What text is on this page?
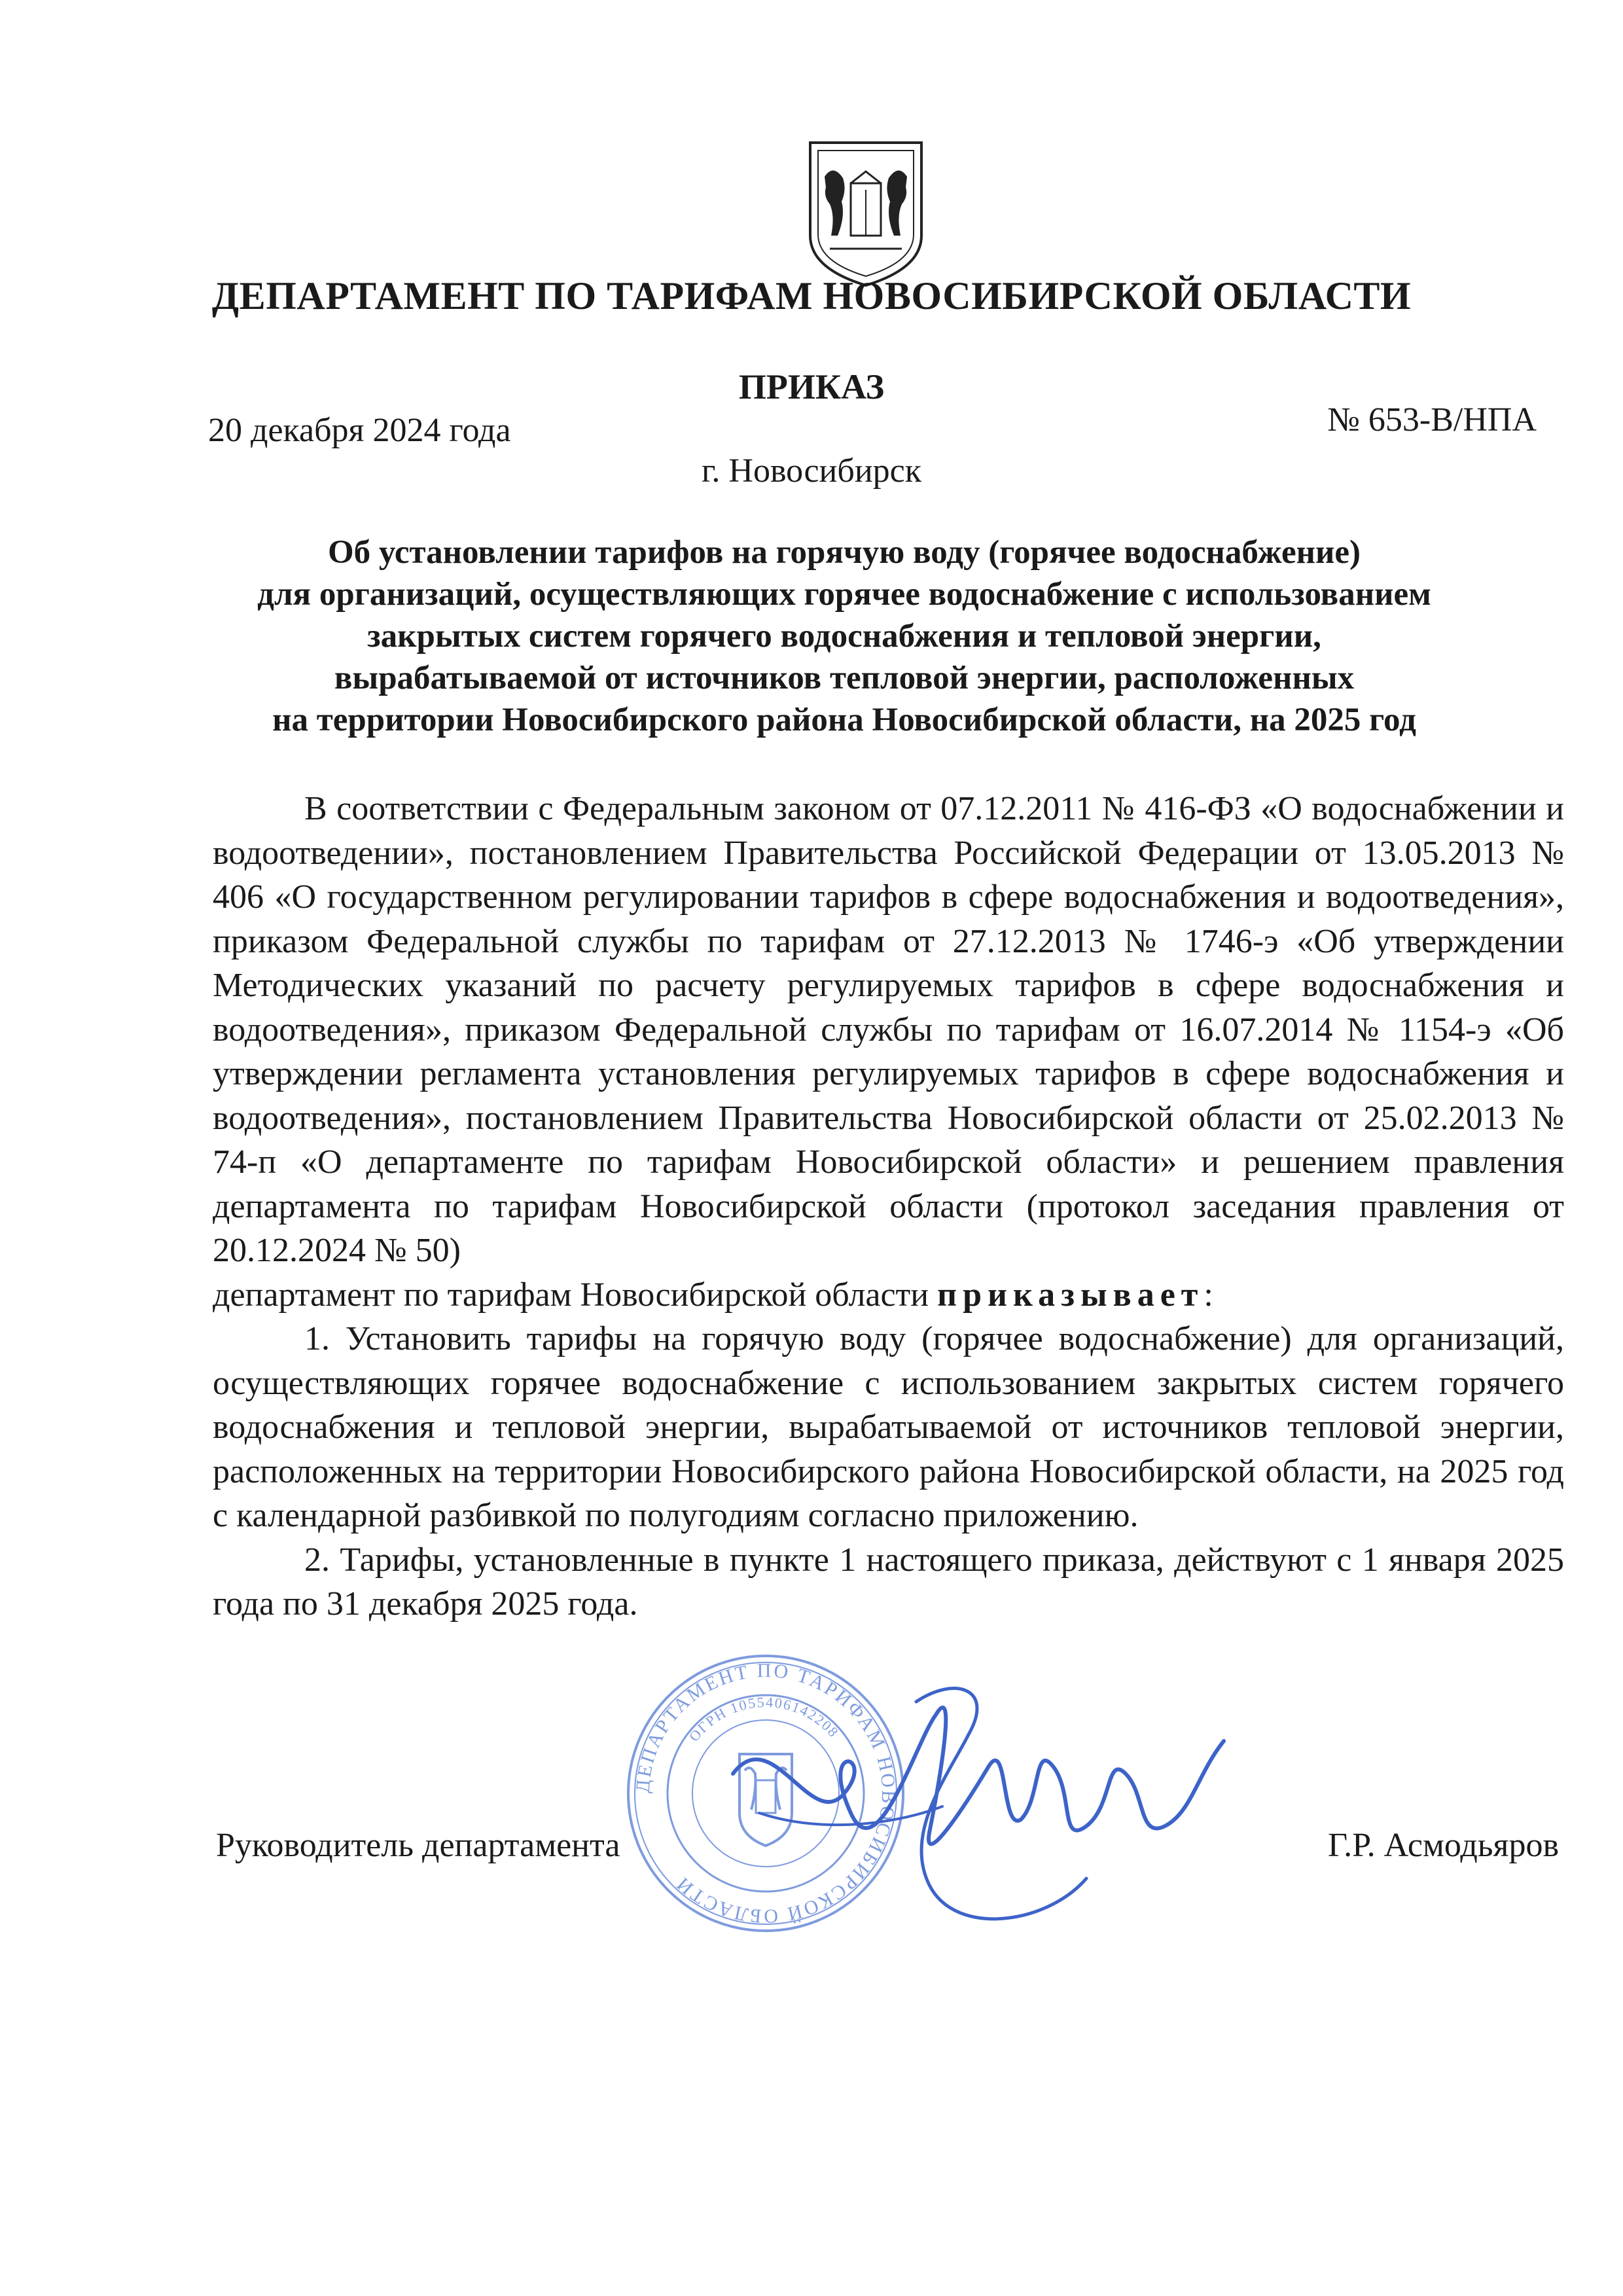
ДЕПАРТАМЕНТ ПО ТАРИФАМ НОВОСИБИРСКОЙ ОБЛАСТИ
ПРИКАЗ
20 декабря 2024 года	№ 653-В/НПА
г. Новосибирск
Об установлении тарифов на горячую воду (горячее водоснабжение)
для организаций, осуществляющих горячее водоснабжение с использованием
закрытых систем горячего водоснабжения и тепловой энергии,
вырабатываемой от источников тепловой энергии, расположенных
на территории Новосибирского района Новосибирской области, на 2025 год

В соответствии с Федеральным законом от 07.12.2011 № 416-ФЗ «О водоснабжении и водоотведении», постановлением Правительства Российской Федерации от 13.05.2013 № 406 «О государственном регулировании тарифов в сфере водоснабжения и водоотведения», приказом Федеральной службы по тарифам от 27.12.2013 № 1746-э «Об утверждении Методических указаний по расчету регулируемых тарифов в сфере водоснабжения и водоотведения», приказом Федеральной службы по тарифам от 16.07.2014 № 1154-э «Об утверждении регламента установления регулируемых тарифов в сфере водоснабжения и водоотведения», постановлением Правительства Новосибирской области от 25.02.2013 № 74-п «О департаменте по тарифам Новосибирской области» и решением правления департамента по тарифам Новосибирской области (протокол заседания правления от 20.12.2024 № 50)

департамент по тарифам Новосибирской области приказывает:

1. Установить тарифы на горячую воду (горячее водоснабжение) для организаций, осуществляющих горячее водоснабжение с использованием закрытых систем горячего водоснабжения и тепловой энергии, вырабатываемой от источников тепловой энергии, расположенных на территории Новосибирского района Новосибирской области, на 2025 год с календарной разбивкой по полугодиям согласно приложению.

2. Тарифы, установленные в пункте 1 настоящего приказа, действуют с 1 января 2025 года по 31 декабря 2025 года.

ДЕПАРТАМЕНТ ПО ТАРИФАМ НОВОСИБИРСКОЙ ОБЛАСТИ
ОГРН 1055406142208
Руководитель департамента	Г.Р. Асмодьяров
